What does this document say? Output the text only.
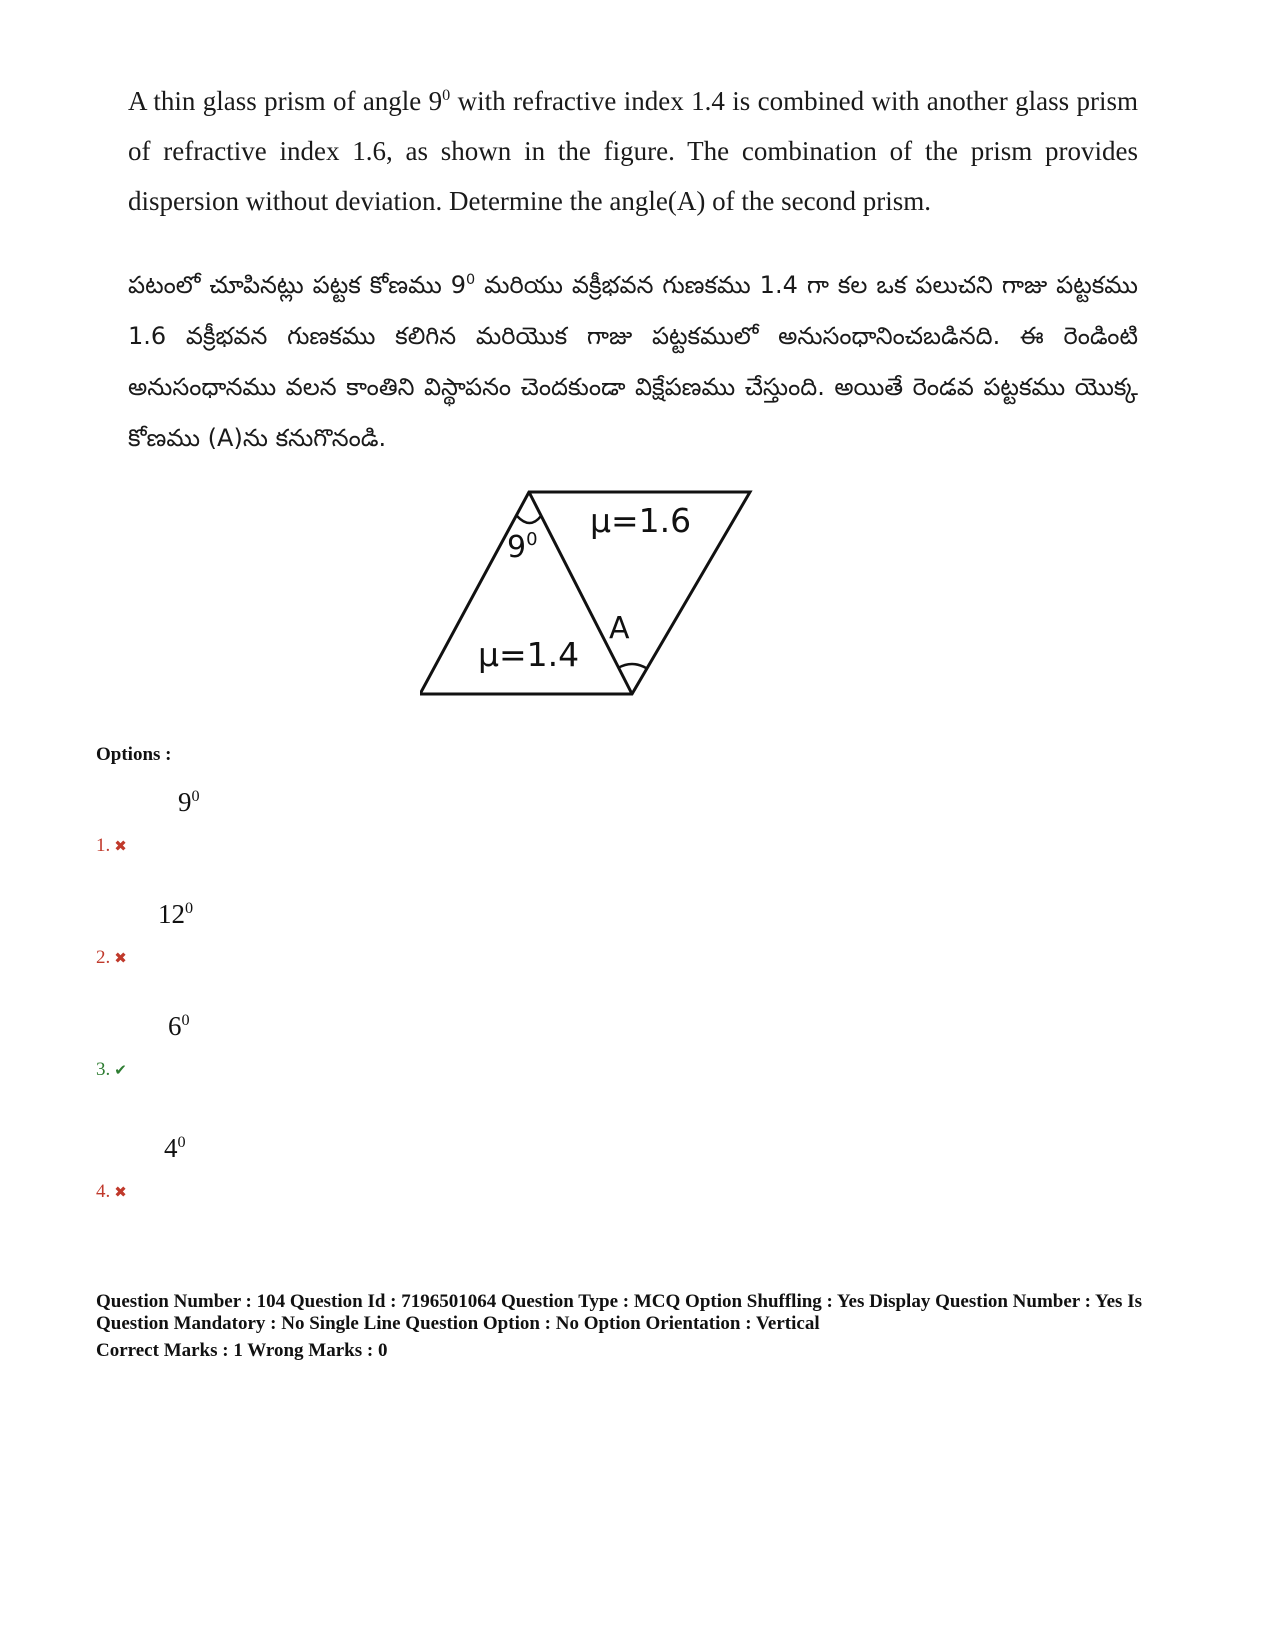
A thin glass prism of angle $9^0$ with refractive index 1.4 is combined with another glass prism of refractive index 1.6, as shown in the figure. The combination of the prism provides dispersion without deviation. Determine the angle(A) of the second prism.
పటంలో చూపినట్లు పట్టక కోణము $9^0$ మరియు వక్రీభవన గుణకము 1.4 గా కల ఒక పలుచని గాజు పట్టకము 1.6 వక్రీభవన గుణకము కలిగిన మరియొక గాజు పట్టకములో అనుసంధానించబడినది. ఈ రెండింటి అనుసంధానము వలన కాంతిని విస్థాపనం చెందకుండా విక్షేపణము చేస్తుంది. అయితే రెండవ పట్టకము యొక్క కోణము (A)ను కనుగొనండి.
$9^0$ μ=1.6
μ=1.4
A
Options :
$9^0$
1. ✖
$12^0$
2. ✖
$6^0$
3. ✔
$4^0$
4. ✖

Question Number : 104 Question Id : 7196501064 Question Type : MCQ Option Shuffling : Yes Display Question Number : Yes Is Question Mandatory : No Single Line Question Option : No Option Orientation : Vertical

Correct Marks : 1 Wrong Marks : 0
